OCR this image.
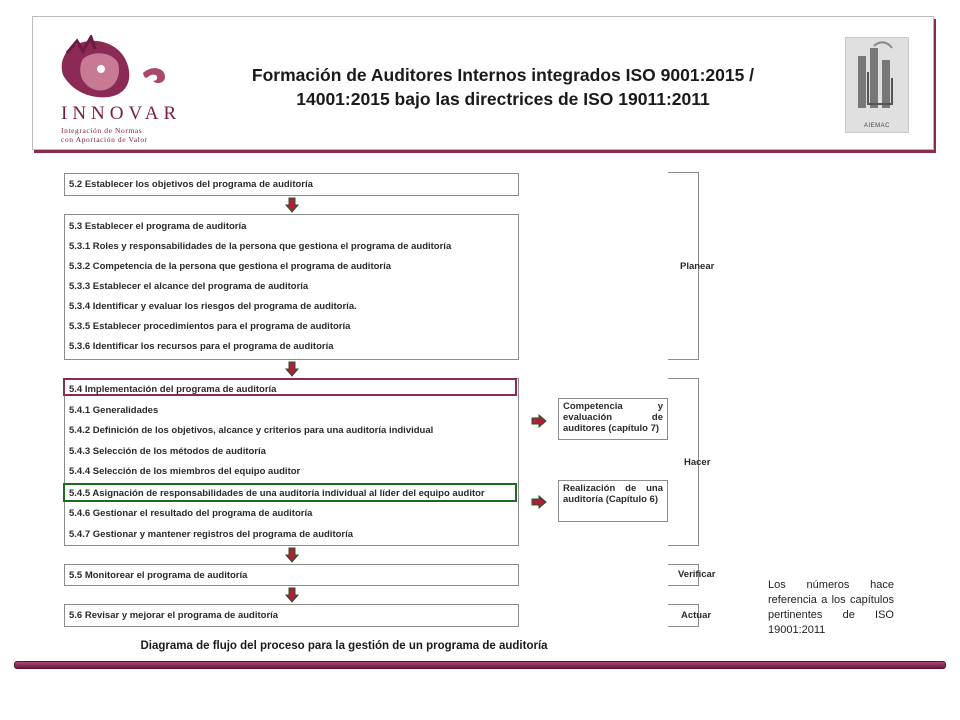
INNOVAR
Integración de Normas
con Aportación de Valor
Formación de Auditores Internos integrados ISO 9001:2015 / 14001:2015 bajo las directrices de ISO 19011:2011
AIEMAC
5.2 Establecer los objetivos del programa de auditoría
5.3 Establecer el programa de auditoría
5.3.1 Roles y responsabilidades de la persona que gestiona el programa de auditoría
5.3.2 Competencia de la persona que gestiona el programa de auditoría
5.3.3 Establecer el alcance del programa de auditoría
5.3.4 Identificar y evaluar los riesgos del programa de auditoría.
5.3.5 Establecer procedimientos para el programa de auditoría
5.3.6 Identificar los recursos para el programa de auditoría
5.4 Implementación del programa de auditoría
5.4.1 Generalidades
5.4.2 Definición de los objetivos, alcance y criterios para una auditoría individual
5.4.3 Selección de los métodos de auditoría
5.4.4 Selección de los miembros del equipo auditor
5.4.5 Asignación de responsabilidades de una auditoría individual al líder del equipo auditor
5.4.6 Gestionar el resultado del programa de auditoría
5.4.7 Gestionar y mantener registros del programa de auditoría
5.5 Monitorear el programa de auditoría
5.6 Revisar y mejorar el programa de auditoría
Competencia y evaluación de auditores (capítulo 7)
Realización de una auditoría (Capítulo 6)
Planear
Hacer
Verificar
Actuar
Los números hace referencia a los capítulos pertinentes de ISO 19001:2011
Diagrama de flujo del proceso para la gestión de un programa de auditoría
